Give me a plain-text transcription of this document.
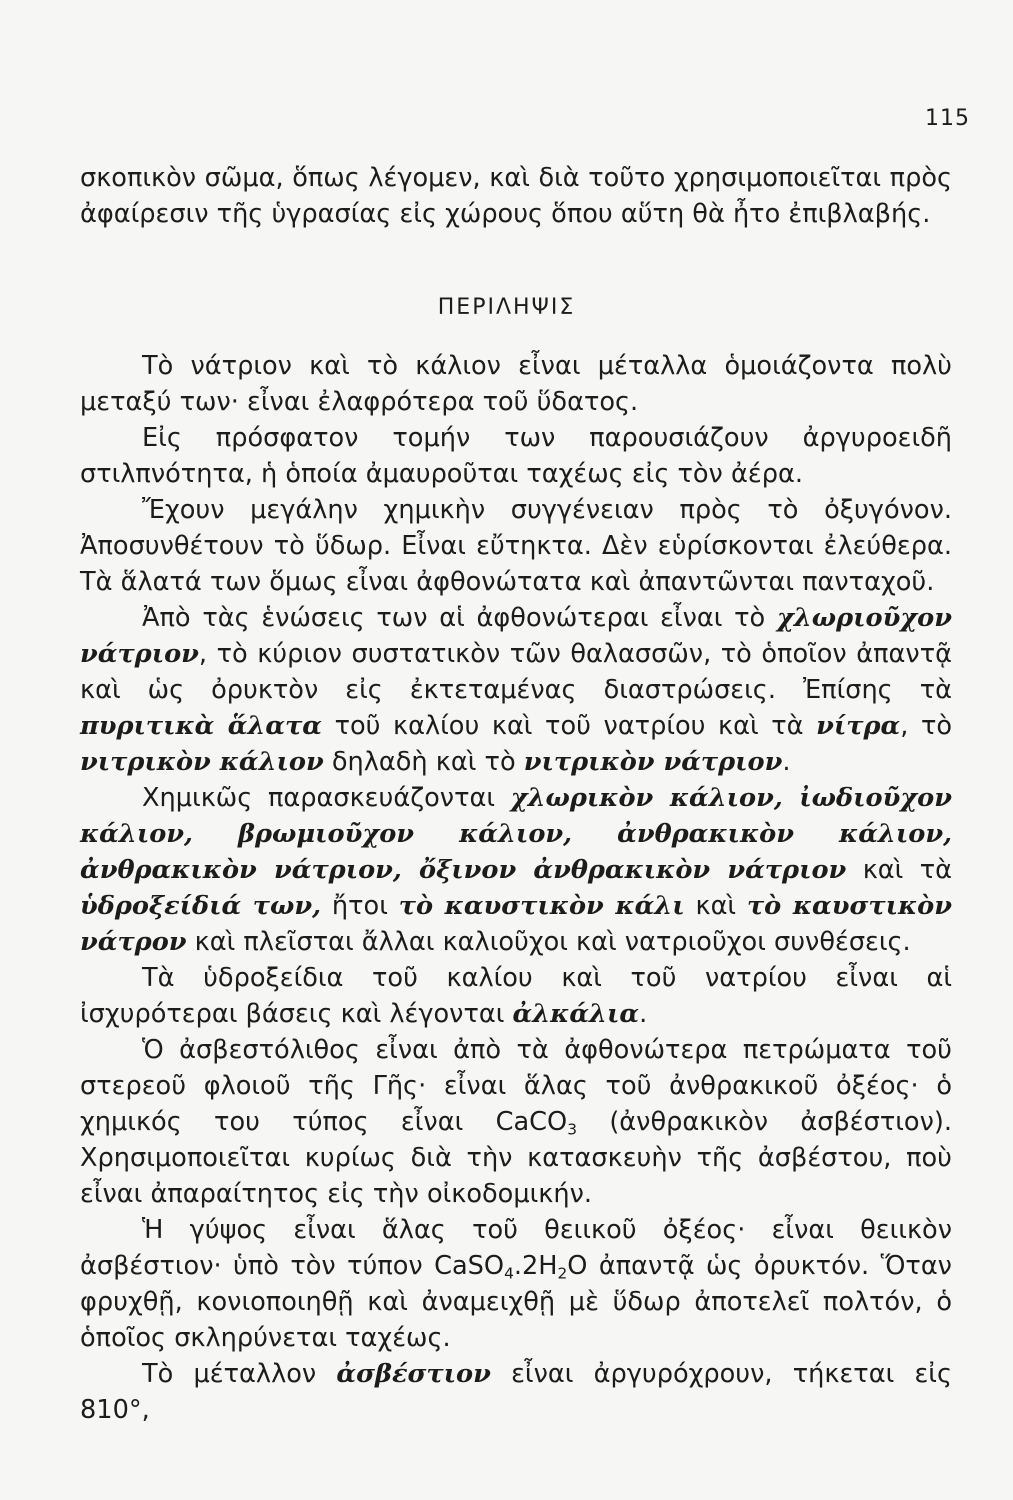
115

σκοπικὸν σῶμα, ὅπως λέγομεν, καὶ διὰ τοῦτο χρησιμοποιεῖται πρὸς ἀφαίρεσιν τῆς ὑγρασίας εἰς χώρους ὅπου αὕτη θὰ ἦτο ἐπιβλαβής.

ΠΕΡΙΛΗΨΙΣ

Τὸ νάτριον καὶ τὸ κάλιον εἶναι μέταλλα ὁμοιάζοντα πολὺ μεταξύ των· εἶναι ἐλαφρότερα τοῦ ὕδατος.

Εἰς πρόσφατον τομήν των παρουσιάζουν ἀργυροειδῆ στιλπνότητα, ἡ ὁποία ἀμαυροῦται ταχέως εἰς τὸν ἀέρα.

Ἔχουν μεγάλην χημικὴν συγγένειαν πρὸς τὸ ὀξυγόνον. Ἀποσυνθέτουν τὸ ὕδωρ. Εἶναι εὔτηκτα. Δὲν εὑρίσκονται ἐλεύθερα. Τὰ ἅλατά των ὅμως εἶναι ἀφθονώτατα καὶ ἀπαντῶνται πανταχοῦ.

Ἀπὸ τὰς ἑνώσεις των αἱ ἀφθονώτεραι εἶναι τὸ χλωριοῦχον νάτριον, τὸ κύριον συστατικὸν τῶν θαλασσῶν, τὸ ὁποῖον ἀπαντᾷ καὶ ὡς ὀρυκτὸν εἰς ἐκτεταμένας διαστρώσεις. Ἐπίσης τὰ πυριτικὰ ἅλατα τοῦ καλίου καὶ τοῦ νατρίου καὶ τὰ νίτρα, τὸ νιτρικὸν κάλιον δηλαδὴ καὶ τὸ νιτρικὸν νάτριον.

Χημικῶς παρασκευάζονται χλωρικὸν κάλιον, ἰωδιοῦχον κάλιον, βρωμιοῦχον κάλιον, ἀνθρακικὸν κάλιον, ἀνθρακικὸν νάτριον, ὄξινον ἀνθρακικὸν νάτριον καὶ τὰ ὑδροξείδιά των, ἤτοι τὸ καυστικὸν κάλι καὶ τὸ καυστικὸν νάτρον καὶ πλεῖσται ἄλλαι καλιοῦχοι καὶ νατριοῦχοι συνθέσεις.

Τὰ ὑδροξείδια τοῦ καλίου καὶ τοῦ νατρίου εἶναι αἱ ἰσχυρότεραι βάσεις καὶ λέγονται ἀλκάλια.

Ὁ ἀσβεστόλιθος εἶναι ἀπὸ τὰ ἀφθονώτερα πετρώματα τοῦ στερεοῦ φλοιοῦ τῆς Γῆς· εἶναι ἅλας τοῦ ἀνθρακικοῦ ὀξέος· ὁ χημικός του τύπος εἶναι CaCO$_3$ (ἀνθρακικὸν ἀσβέστιον). Χρησιμοποιεῖται κυρίως διὰ τὴν κατασκευὴν τῆς ἀσβέστου, ποὺ εἶναι ἀπαραίτητος εἰς τὴν οἰκοδομικήν.

Ἡ γύψος εἶναι ἅλας τοῦ θειικοῦ ὀξέος· εἶναι θειικὸν ἀσβέστιον· ὑπὸ τὸν τύπον $CaSO_4.2H_2O$ ἀπαντᾷ ὡς ὀρυκτόν. Ὅταν φρυχθῇ, κονιοποιηθῇ καὶ ἀναμειχθῇ μὲ ὕδωρ ἀποτελεῖ πολτόν, ὁ ὁποῖος σκληρύνεται ταχέως.

Τὸ μέταλλον ἀσβέστιον εἶναι ἀργυρόχρουν, τήκεται εἰς 810°,
